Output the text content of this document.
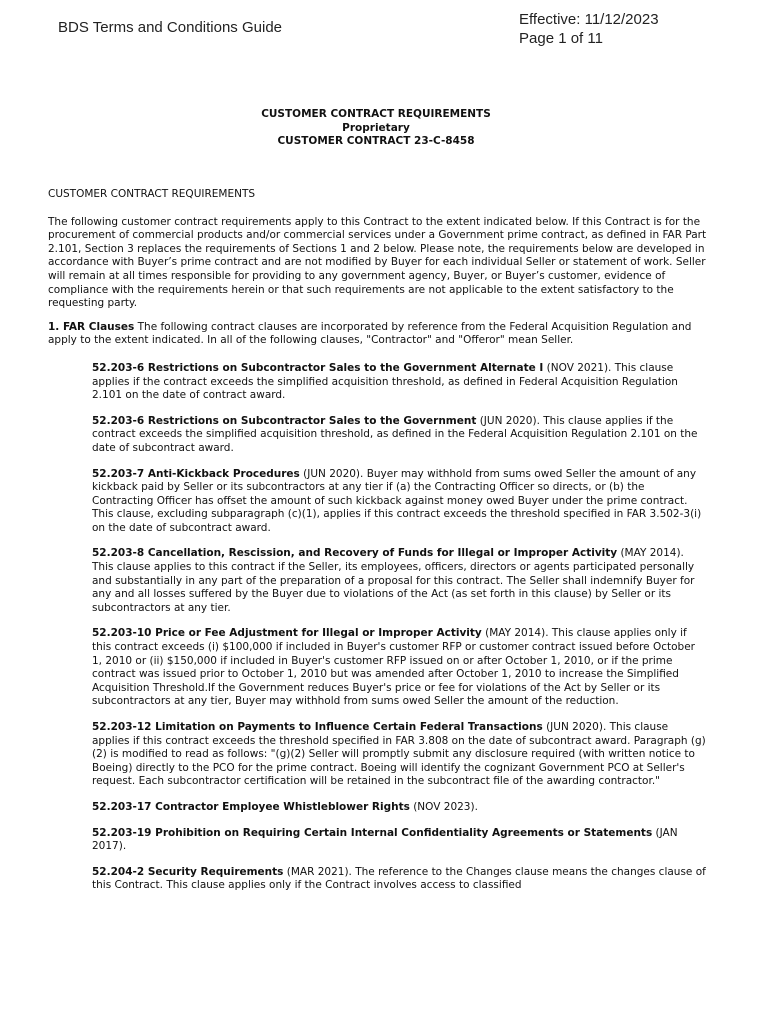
BDS Terms and Conditions Guide	Effective: 11/12/2023
Page 1 of 11
CUSTOMER CONTRACT REQUIREMENTS
Proprietary
CUSTOMER CONTRACT 23-C-8458

CUSTOMER CONTRACT REQUIREMENTS

The following customer contract requirements apply to this Contract to the extent indicated below. If this Contract is for the procurement of commercial products and/or commercial services under a Government prime contract, as defined in FAR Part 2.101, Section 3 replaces the requirements of Sections 1 and 2 below. Please note, the requirements below are developed in accordance with Buyer’s prime contract and are not modified by Buyer for each individual Seller or statement of work. Seller will remain at all times responsible for providing to any government agency, Buyer, or Buyer’s customer, evidence of compliance with the requirements herein or that such requirements are not applicable to the extent satisfactory to the requesting party.

1. FAR Clauses The following contract clauses are incorporated by reference from the Federal Acquisition Regulation and apply to the extent indicated. In all of the following clauses, "Contractor" and "Offeror" mean Seller.

52.203-6 Restrictions on Subcontractor Sales to the Government Alternate I (NOV 2021). This clause applies if the contract exceeds the simplified acquisition threshold, as defined in Federal Acquisition Regulation 2.101 on the date of contract award.

52.203-6 Restrictions on Subcontractor Sales to the Government (JUN 2020). This clause applies if the contract exceeds the simplified acquisition threshold, as defined in the Federal Acquisition Regulation 2.101 on the date of subcontract award.

52.203-7 Anti-Kickback Procedures (JUN 2020). Buyer may withhold from sums owed Seller the amount of any kickback paid by Seller or its subcontractors at any tier if (a) the Contracting Officer so directs, or (b) the Contracting Officer has offset the amount of such kickback against money owed Buyer under the prime contract. This clause, excluding subparagraph (c)(1), applies if this contract exceeds the threshold specified in FAR 3.502-3(i) on the date of subcontract award.

52.203-8 Cancellation, Rescission, and Recovery of Funds for Illegal or Improper Activity (MAY 2014). This clause applies to this contract if the Seller, its employees, officers, directors or agents participated personally and substantially in any part of the preparation of a proposal for this contract. The Seller shall indemnify Buyer for any and all losses suffered by the Buyer due to violations of the Act (as set forth in this clause) by Seller or its subcontractors at any tier.

52.203-10 Price or Fee Adjustment for Illegal or Improper Activity (MAY 2014). This clause applies only if this contract exceeds (i) $100,000 if included in Buyer's customer RFP or customer contract issued before October 1, 2010 or (ii) $150,000 if included in Buyer's customer RFP issued on or after October 1, 2010, or if the prime contract was issued prior to October 1, 2010 but was amended after October 1, 2010 to increase the Simplified Acquisition Threshold.If the Government reduces Buyer's price or fee for violations of the Act by Seller or its subcontractors at any tier, Buyer may withhold from sums owed Seller the amount of the reduction.

52.203-12 Limitation on Payments to Influence Certain Federal Transactions (JUN 2020). This clause applies if this contract exceeds the threshold specified in FAR 3.808 on the date of subcontract award. Paragraph (g)(2) is modified to read as follows: "(g)(2) Seller will promptly submit any disclosure required (with written notice to Boeing) directly to the PCO for the prime contract. Boeing will identify the cognizant Government PCO at Seller's request. Each subcontractor certification will be retained in the subcontract file of the awarding contractor."

52.203-17 Contractor Employee Whistleblower Rights (NOV 2023).

52.203-19 Prohibition on Requiring Certain Internal Confidentiality Agreements or Statements (JAN 2017).

52.204-2 Security Requirements (MAR 2021). The reference to the Changes clause means the changes clause of this Contract. This clause applies only if the Contract involves access to classified
